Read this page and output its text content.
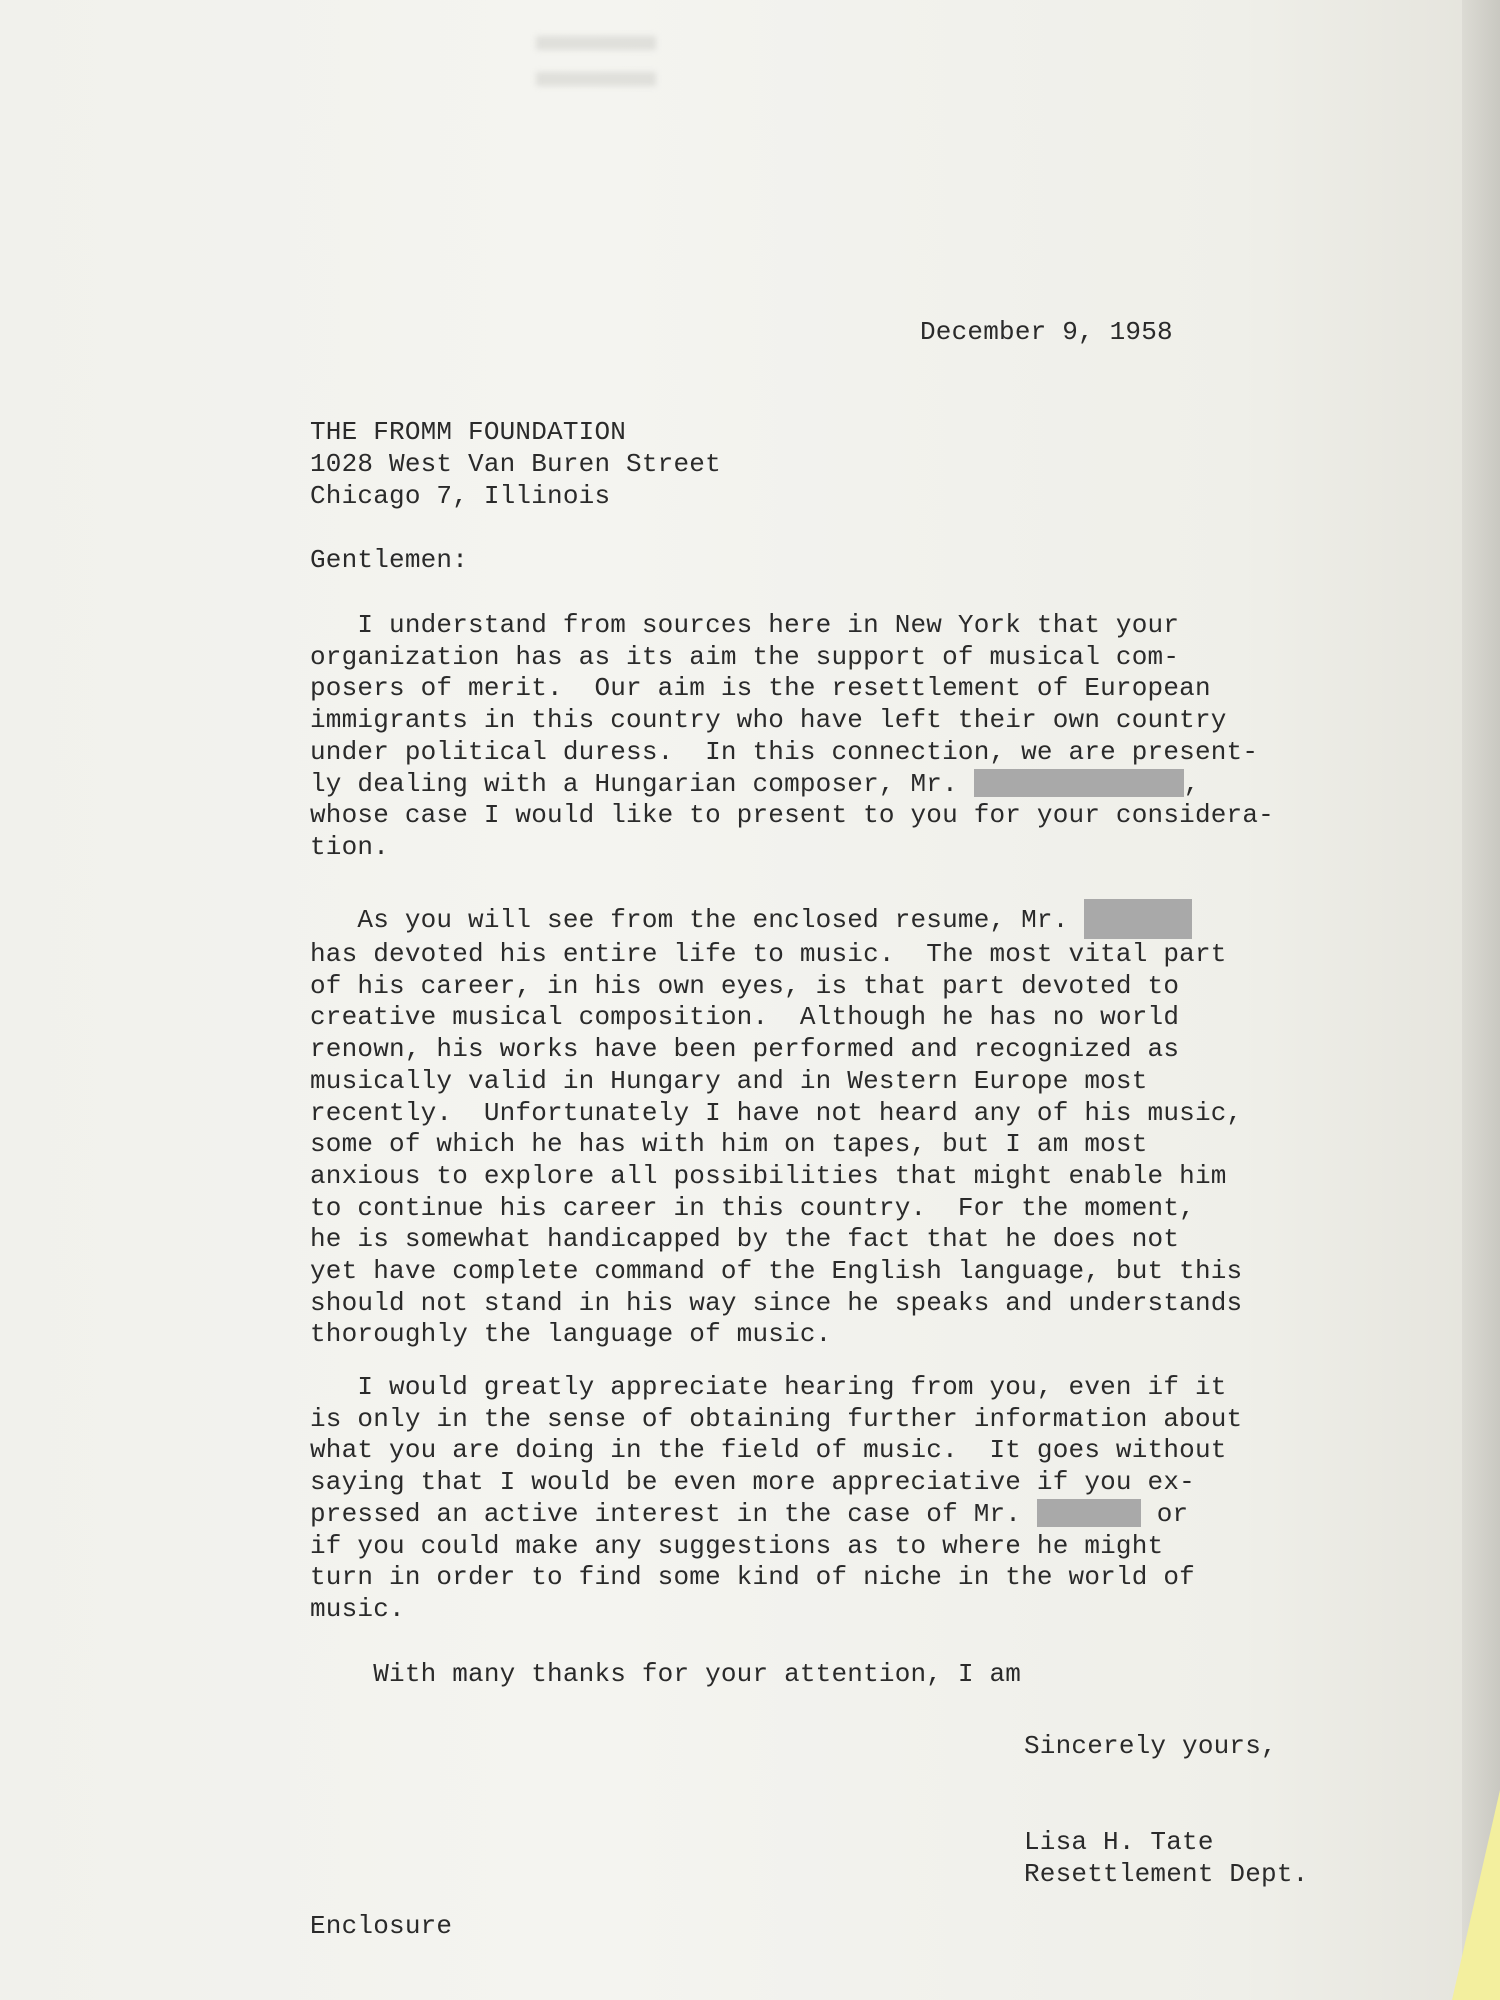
December 9, 1958
THE FROMM FOUNDATION
1028 West Van Buren Street
Chicago 7, Illinois
Gentlemen:
I understand from sources here in New York that your
organization has as its aim the support of musical com-
posers of merit.  Our aim is the resettlement of European
immigrants in this country who have left their own country
under political duress.  In this connection, we are present-
ly dealing with a Hungarian composer, Mr.	,
whose case I would like to present to you for your considera-
tion.
As you will see from the enclosed resume, Mr.
has devoted his entire life to music.  The most vital part
of his career, in his own eyes, is that part devoted to
creative musical composition.  Although he has no world
renown, his works have been performed and recognized as
musically valid in Hungary and in Western Europe most
recently.  Unfortunately I have not heard any of his music,
some of which he has with him on tapes, but I am most
anxious to explore all possibilities that might enable him
to continue his career in this country.  For the moment,
he is somewhat handicapped by the fact that he does not
yet have complete command of the English language, but this
should not stand in his way since he speaks and understands
thoroughly the language of music.
I would greatly appreciate hearing from you, even if it
is only in the sense of obtaining further information about
what you are doing in the field of music.  It goes without
saying that I would be even more appreciative if you ex-
pressed an active interest in the case of Mr.	or
if you could make any suggestions as to where he might
turn in order to find some kind of niche in the world of
music.
With many thanks for your attention, I am
Sincerely yours,
Lisa H. Tate
Resettlement Dept.
Enclosure
